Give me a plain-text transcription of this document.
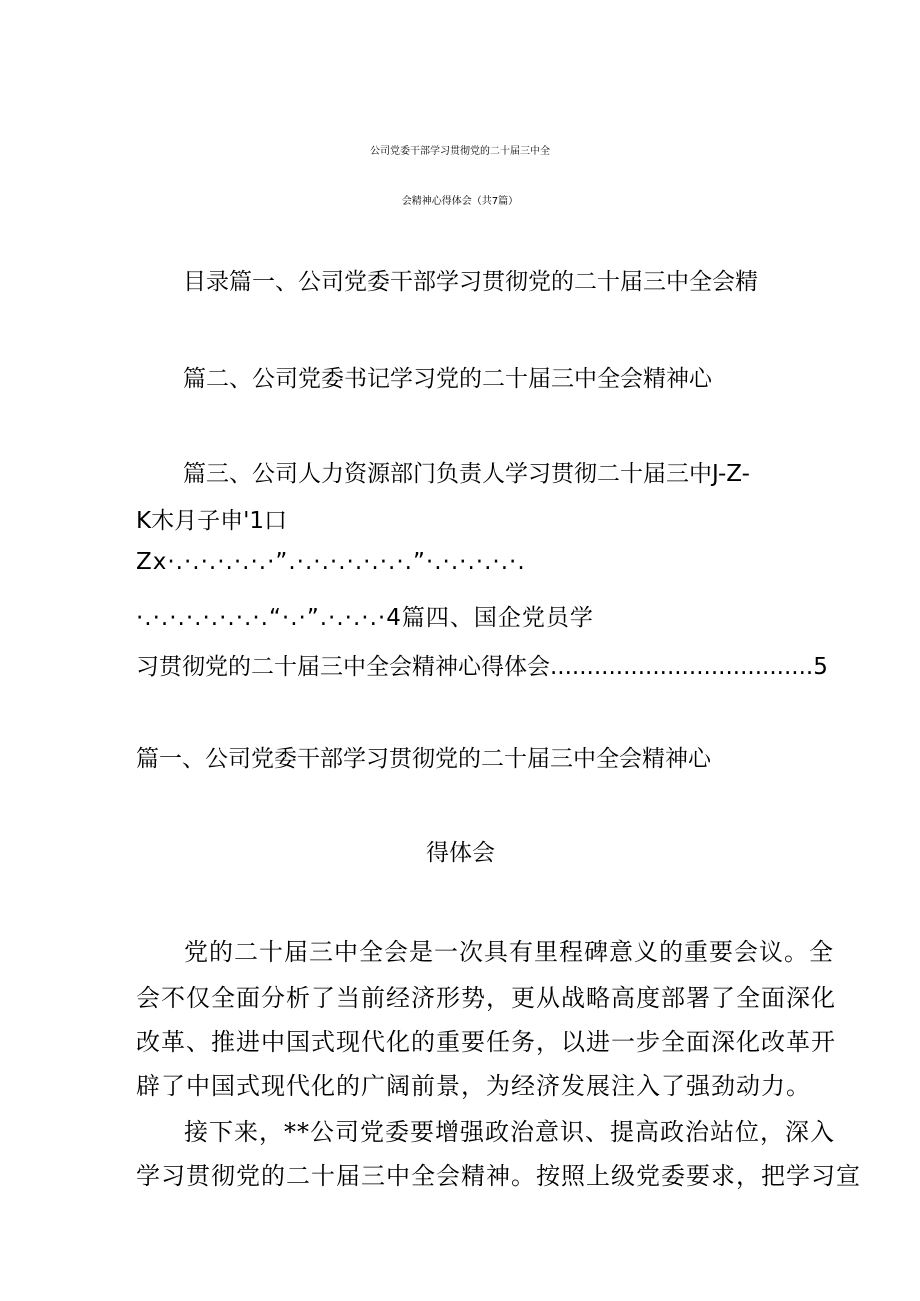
公司党委干部学习贯彻党的二十届三中全
会精神心得体会（共7篇）
目录篇一、公司党委干部学习贯彻党的二十届三中全会精
篇二、公司党委书记学习党的二十届三中全会精神心
篇三、公司人力资源部门负责人学习贯彻二十届三中J-Z-
K木月子申'1口
Zx·.·.·.·.·.·.·”.·.·.·.·.·.·.·.”·.·.·.·.·.·.
·.·.·.·.·.·.·.·.“·.·”.·.·.·.·4篇四、国企党员学
习贯彻党的二十届三中全会精神心得体会....................................5
篇一、公司党委干部学习贯彻党的二十届三中全会精神心
得体会
党的二十届三中全会是一次具有里程碑意义的重要会议。全
会不仅全面分析了当前经济形势，更从战略高度部署了全面深化
改革、推进中国式现代化的重要任务，以进一步全面深化改革开
辟了中国式现代化的广阔前景，为经济发展注入了强劲动力。
接下来，**公司党委要增强政治意识、提高政治站位，深入
学习贯彻党的二十届三中全会精神。按照上级党委要求，把学习宣
